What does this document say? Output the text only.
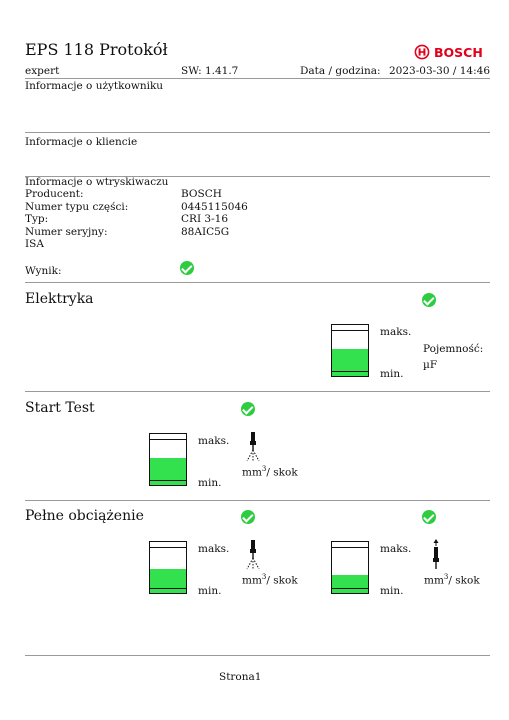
EPS 118 Protokół	BOSCH
expert	SW: 1.41.7	Data / godzina: 2023-03-30 / 14:46
Informacje o użytkowniku
Informacje o kliencie
Informacje o wtryskiwaczu
Producent:	BOSCH
Numer typu części:	0445115046
Typ:	CRI 3-16
Numer seryjny:	88AIC5G
ISA
Wynik:
Elektryka
maks.
min.
Pojemność:
µF
Start Test
maks.
min.
$mm^3/$ skok
Pełne obciążenie
maks.
min.
$mm^3/$ skok
maks.
min.
$mm^3/$ skok
Strona1
